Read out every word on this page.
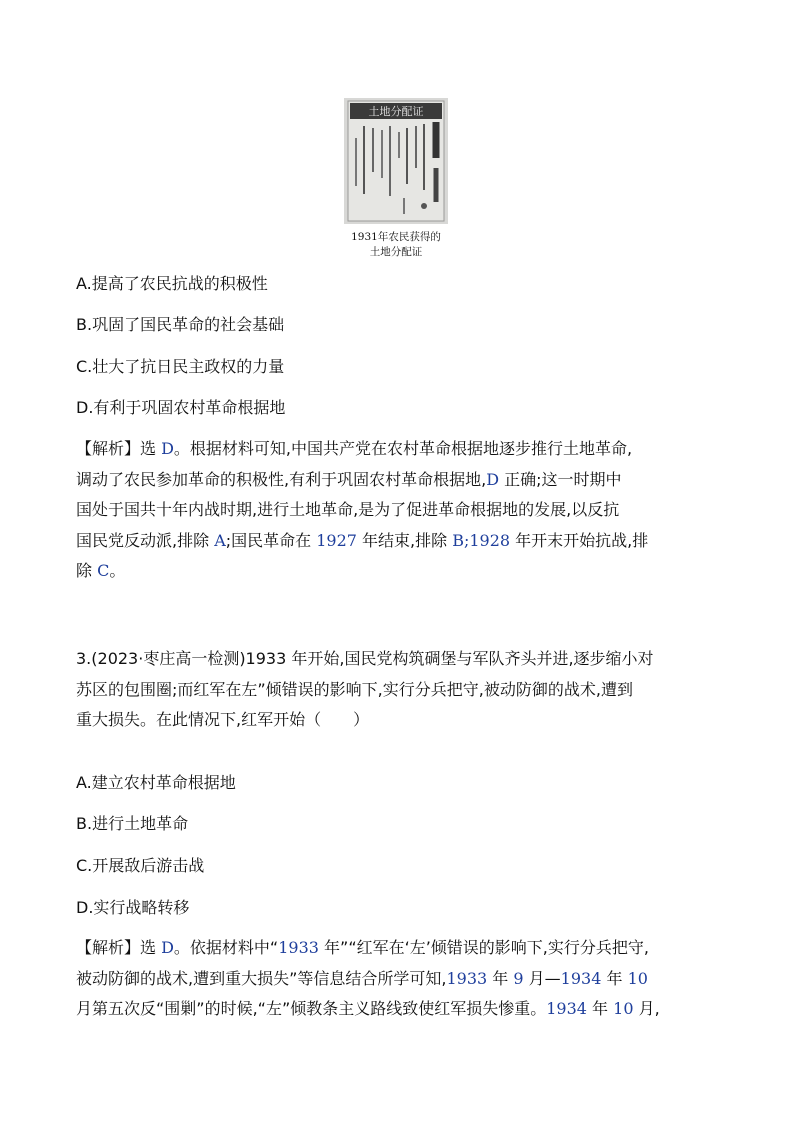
土地分配证
1931年农民获得的
土地分配证
A.提高了农民抗战的积极性
B.巩固了国民革命的社会基础
C.壮大了抗日民主政权的力量
D.有利于巩固农村革命根据地

【解析】选 D。根据材料可知,中国共产党在农村革命根据地逐步推行土地革命,

调动了农民参加革命的积极性,有利于巩固农村革命根据地,D 正确;这一时期中

国处于国共十年内战时期,进行土地革命,是为了促进革命根据地的发展,以反抗

国民党反动派,排除 A;国民革命在 1927 年结束,排除 B;1928 年开末开始抗战,排

除 C。

3.(2023·枣庄高一检测)1933 年开始,国民党构筑碉堡与军队齐头并进,逐步缩小对

苏区的包围圈;而红军在左”倾错误的影响下,实行分兵把守,被动防御的战术,遭到

重大损失。在此情况下,红军开始（　　）

A.建立农村革命根据地
B.进行土地革命
C.开展敌后游击战
D.实行战略转移

【解析】选 D。依据材料中“1933 年”“红军在‘左’倾错误的影响下,实行分兵把守,

被动防御的战术,遭到重大损失”等信息结合所学可知,1933 年 9 月—1934 年 10

月第五次反“围剿”的时候,“左”倾教条主义路线致使红军损失惨重。1934 年 10 月,
